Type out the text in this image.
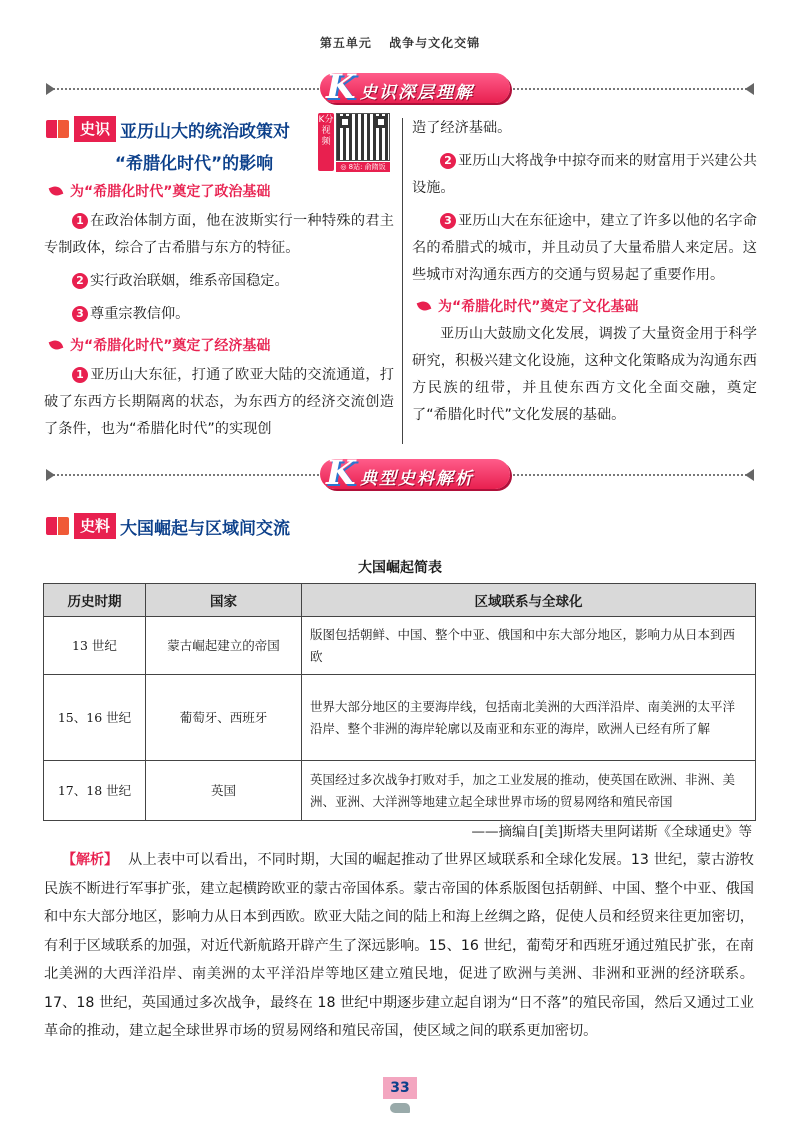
第五单元 战争与文化交锦
K 史识深层理解
史识 亚历山大的统治政策对
“希腊化时代”的影响
K分视频
◎ 8站: 俞隋饭
为“希腊化时代”奠定了政治基础

1 在政治体制方面，他在波斯实行一种特殊的君主专制政体，综合了古希腊与东方的特征。

2 实行政治联姻，维系帝国稳定。

3 尊重宗教信仰。

为“希腊化时代”奠定了经济基础

1 亚历山大东征，打通了欧亚大陆的交流通道，打破了东西方长期隔离的状态，为东西方的经济交流创造了条件，也为“希腊化时代”的实现创

造了经济基础。

2 亚历山大将战争中掠夺而来的财富用于兴建公共设施。

3 亚历山大在东征途中，建立了许多以他的名字命名的希腊式的城市，并且动员了大量希腊人来定居。这些城市对沟通东西方的交通与贸易起了重要作用。

为“希腊化时代”奠定了文化基础

亚历山大鼓励文化发展，调拨了大量资金用于科学研究，积极兴建文化设施，这种文化策略成为沟通东西方民族的纽带，并且使东西方文化全面交融，奠定了“希腊化时代”文化发展的基础。

K 典型史料解析
史料 大国崛起与区域间交流
大国崛起简表
历史时期	国家	区域联系与全球化
13 世纪	蒙古崛起建立的帝国	版图包括朝鲜、中国、整个中亚、俄国和中东大部分地区，影响力从日本到西欧
15、16 世纪	葡萄牙、西班牙	世界大部分地区的主要海岸线，包括南北美洲的大西洋沿岸、南美洲的太平洋沿岸、整个非洲的海岸轮廓以及南亚和东亚的海岸，欧洲人已经有所了解
17、18 世纪	英国	英国经过多次战争打败对手，加之工业发展的推动，使英国在欧洲、非洲、美洲、亚洲、大洋洲等地建立起全球世界市场的贸易网络和殖民帝国
——摘编自[美]斯塔夫里阿诺斯《全球通史》等
【解析】 从上表中可以看出，不同时期，大国的崛起推动了世界区域联系和全球化发展。13 世纪，蒙古游牧民族不断进行军事扩张，建立起横跨欧亚的蒙古帝国体系。蒙古帝国的体系版图包括朝鲜、中国、整个中亚、俄国和中东大部分地区，影响力从日本到西欧。欧亚大陆之间的陆上和海上丝绸之路，促使人员和经贸来往更加密切，有利于区域联系的加强，对近代新航路开辟产生了深远影响。15、16 世纪，葡萄牙和西班牙通过殖民扩张，在南北美洲的大西洋沿岸、南美洲的太平洋沿岸等地区建立殖民地，促进了欧洲与美洲、非洲和亚洲的经济联系。17、18 世纪，英国通过多次战争，最终在 18 世纪中期逐步建立起自诩为“日不落”的殖民帝国，然后又通过工业革命的推动，建立起全球世界市场的贸易网络和殖民帝国，使区域之间的联系更加密切。
33
